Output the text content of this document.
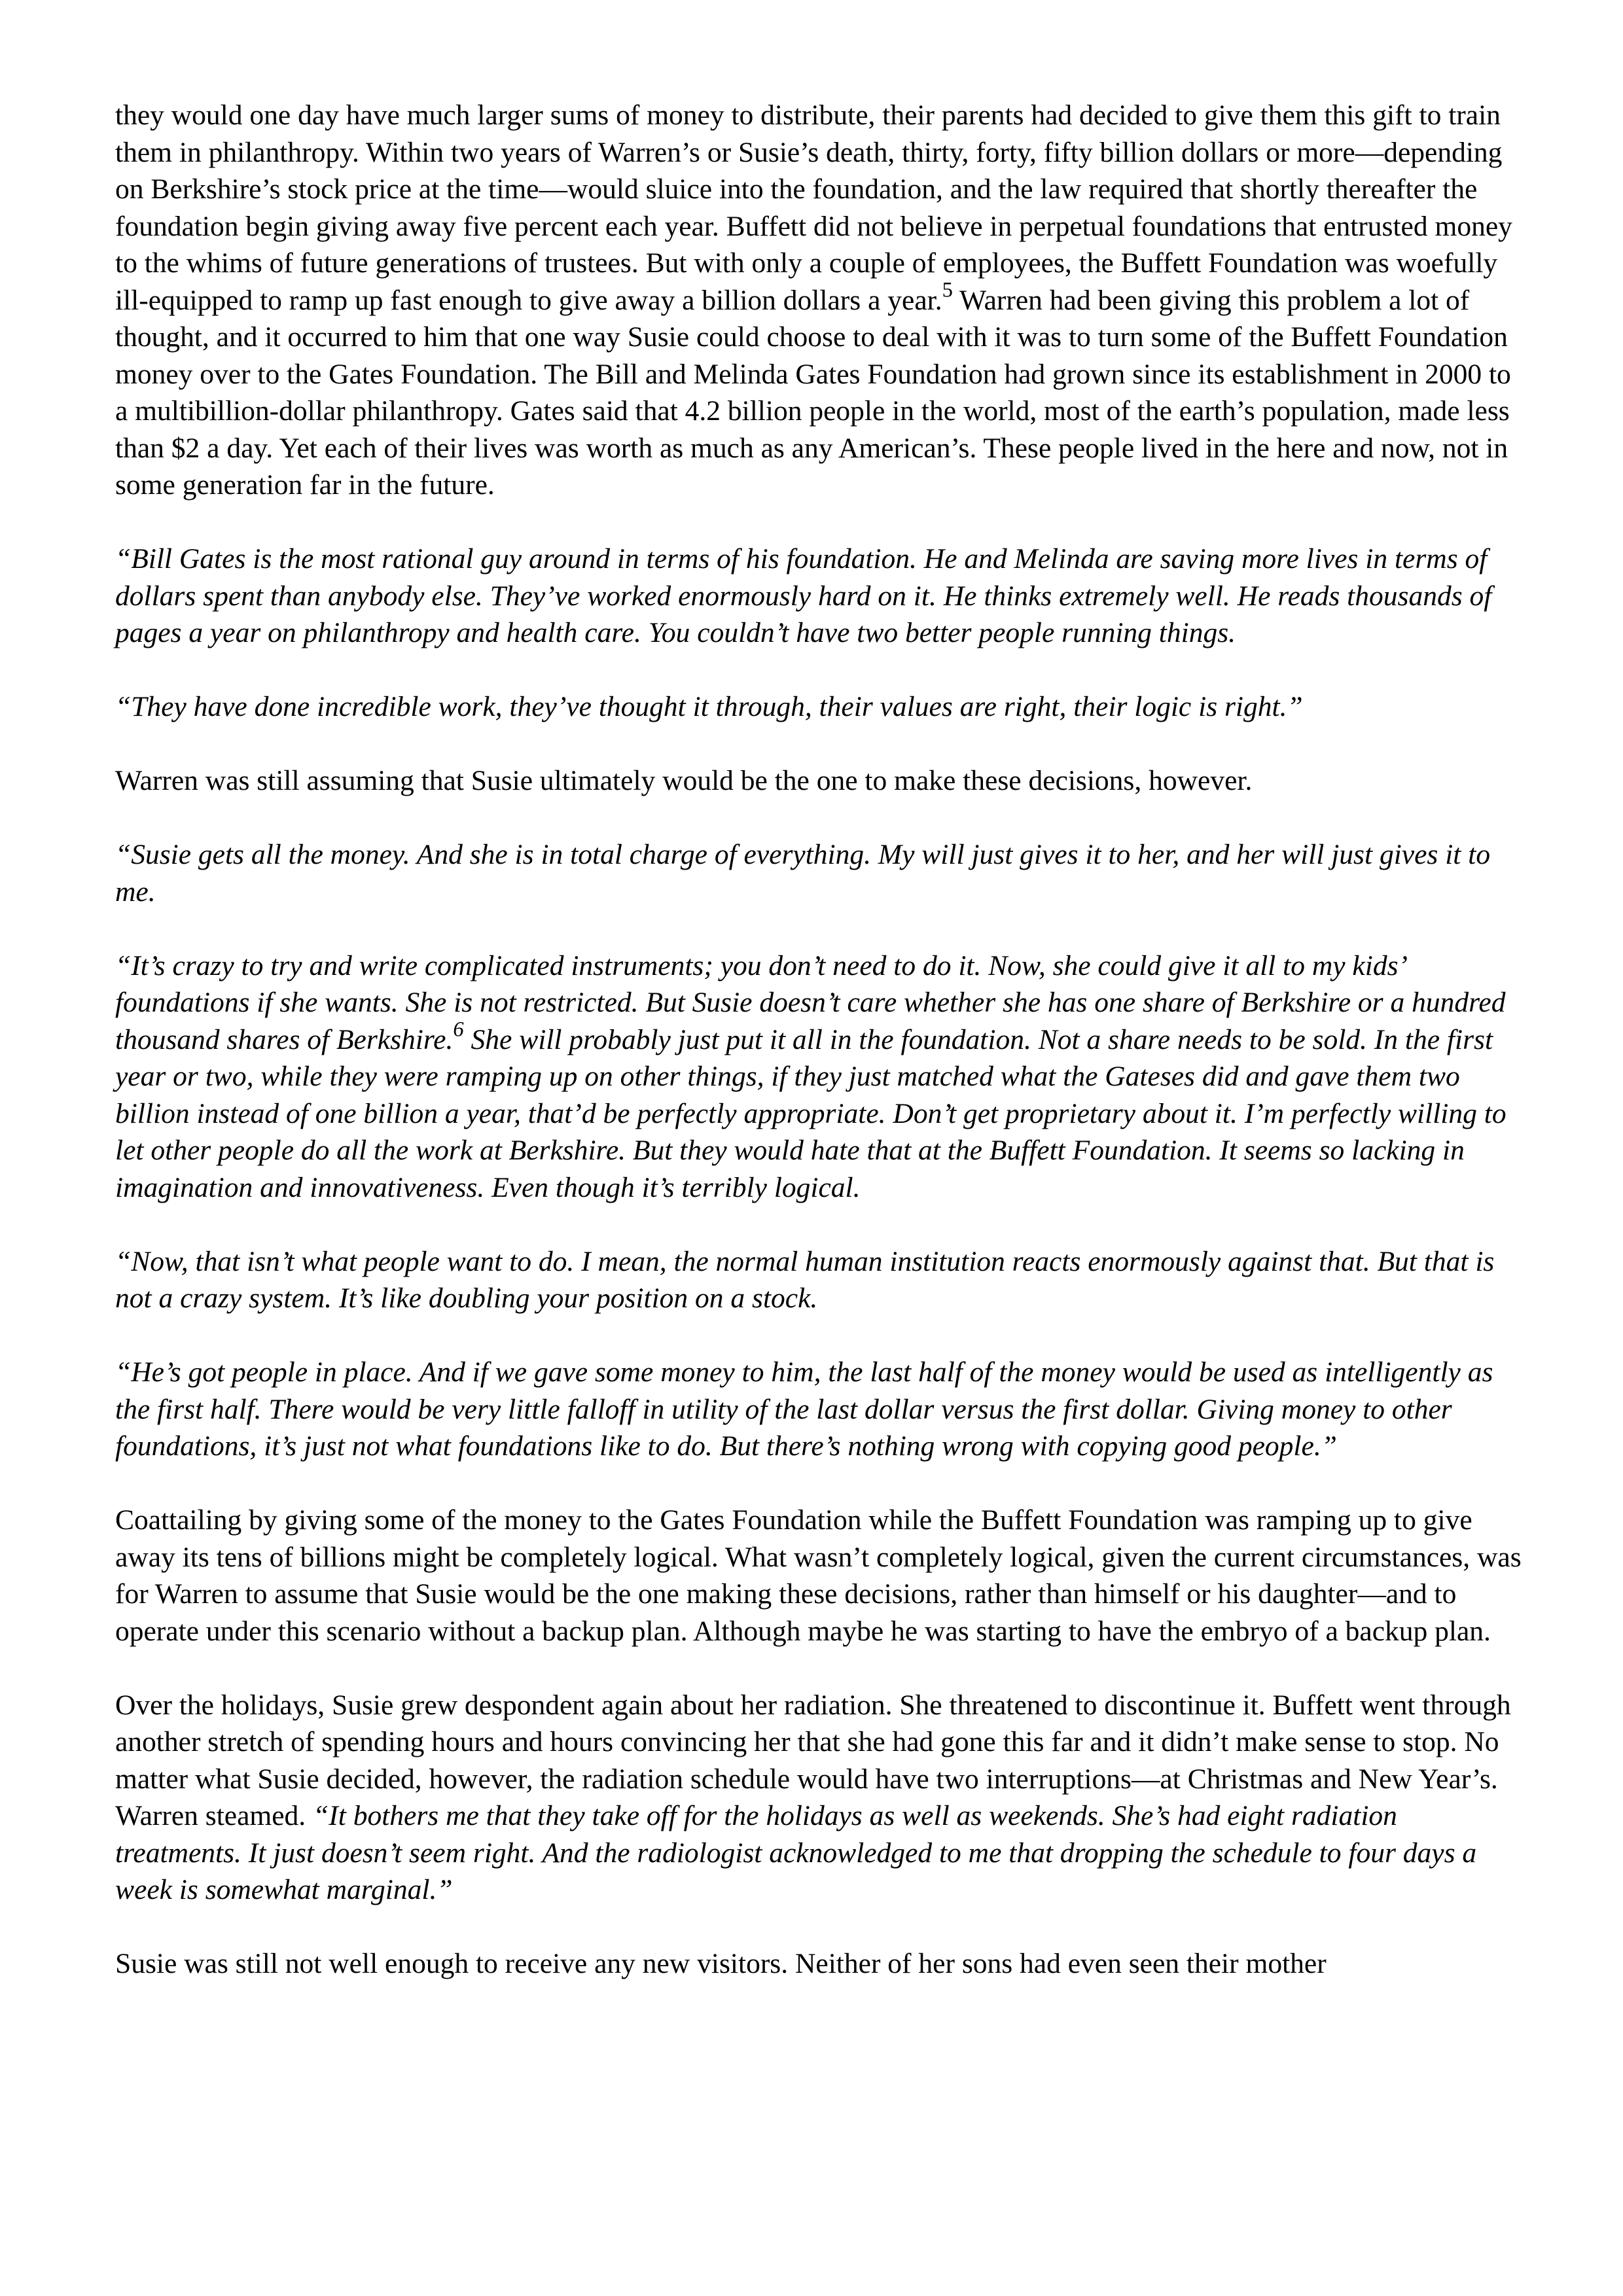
they would one day have much larger sums of money to distribute, their parents had decided to give them this gift to train them in philanthropy. Within two years of Warren’s or Susie’s death, thirty, forty, fifty billion dollars or more—depending on Berkshire’s stock price at the time—would sluice into the foundation, and the law required that shortly thereafter the foundation begin giving away five percent each year. Buffett did not believe in perpetual foundations that entrusted money to the whims of future generations of trustees. But with only a couple of employees, the Buffett Foundation was woefully ill-equipped to ramp up fast enough to give away a billion dollars a year.$^5$ Warren had been giving this problem a lot of thought, and it occurred to him that one way Susie could choose to deal with it was to turn some of the Buffett Foundation money over to the Gates Foundation. The Bill and Melinda Gates Foundation had grown since its establishment in 2000 to a multibillion-dollar philanthropy. Gates said that 4.2 billion people in the world, most of the earth’s population, made less than $2 a day. Yet each of their lives was worth as much as any American’s. These people lived in the here and now, not in some generation far in the future.

“Bill Gates is the most rational guy around in terms of his foundation. He and Melinda are saving more lives in terms of dollars spent than anybody else. They’ve worked enormously hard on it. He thinks extremely well. He reads thousands of pages a year on philanthropy and health care. You couldn’t have two better people running things.

“They have done incredible work, they’ve thought it through, their values are right, their logic is right.”

Warren was still assuming that Susie ultimately would be the one to make these decisions, however.

“Susie gets all the money. And she is in total charge of everything. My will just gives it to her, and her will just gives it to me.

“It’s crazy to try and write complicated instruments; you don’t need to do it. Now, she could give it all to my kids’ foundations if she wants. She is not restricted. But Susie doesn’t care whether she has one share of Berkshire or a hundred thousand shares of Berkshire.$^6$ She will probably just put it all in the foundation. Not a share needs to be sold. In the first year or two, while they were ramping up on other things, if they just matched what the Gateses did and gave them two billion instead of one billion a year, that’d be perfectly appropriate. Don’t get proprietary about it. I’m perfectly willing to let other people do all the work at Berkshire. But they would hate that at the Buffett Foundation. It seems so lacking in imagination and innovativeness. Even though it’s terribly logical.

“Now, that isn’t what people want to do. I mean, the normal human institution reacts enormously against that. But that is not a crazy system. It’s like doubling your position on a stock.

“He’s got people in place. And if we gave some money to him, the last half of the money would be used as intelligently as the first half. There would be very little falloff in utility of the last dollar versus the first dollar. Giving money to other foundations, it’s just not what foundations like to do. But there’s nothing wrong with copying good people.”

Coattailing by giving some of the money to the Gates Foundation while the Buffett Foundation was ramping up to give away its tens of billions might be completely logical. What wasn’t completely logical, given the current circumstances, was for Warren to assume that Susie would be the one making these decisions, rather than himself or his daughter—and to operate under this scenario without a backup plan. Although maybe he was starting to have the embryo of a backup plan.

Over the holidays, Susie grew despondent again about her radiation. She threatened to discontinue it. Buffett went through another stretch of spending hours and hours convincing her that she had gone this far and it didn’t make sense to stop. No matter what Susie decided, however, the radiation schedule would have two interruptions—at Christmas and New Year’s. Warren steamed. “It bothers me that they take off for the holidays as well as weekends. She’s had eight radiation treatments. It just doesn’t seem right. And the radiologist acknowledged to me that dropping the schedule to four days a week is somewhat marginal.”

Susie was still not well enough to receive any new visitors. Neither of her sons had even seen their mother
